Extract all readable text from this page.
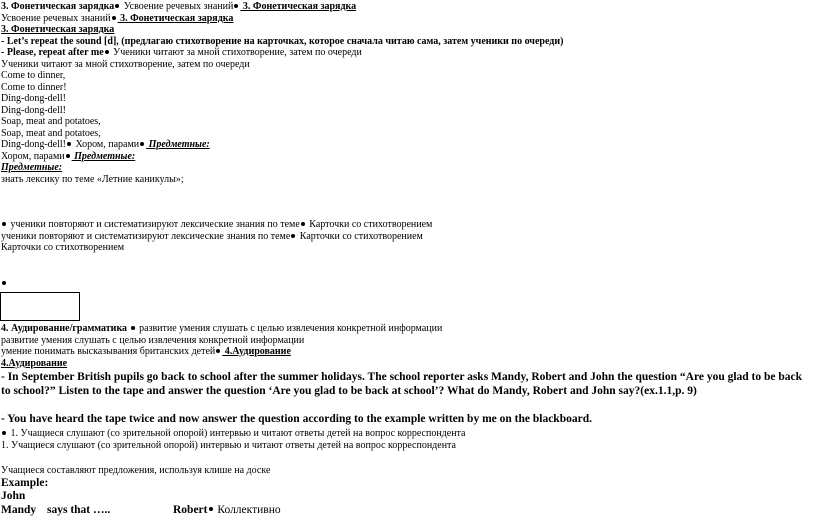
3. Фонетическая зарядка Усвоение речевых знаний 3. Фонетическая зарядка
Усвоение речевых знаний 3. Фонетическая зарядка
3. Фонетическая зарядка
- Let’s repeat the sound [d], (предлагаю стихотворение на карточках, которое сначала читаю сама, затем ученики по очереди)
- Please, repeat after me Ученики читают за мной стихотворение, затем по очереди
Ученики читают за мной стихотворение, затем по очереди
Come to dinner,
Come to dinner!
Ding-dong-dell!
Ding-dong-dell!
Soap, meat and potatoes,
Soap, meat and potatoes,
Ding-dong-dell! Хором, парами Предметные:
Хором, парами Предметные:
Предметные:
знать лексику по теме «Летние каникулы»;
ученики повторяют и систематизируют лексические знания по теме Карточки со стихотворением
ученики повторяют и систематизируют лексические знания по теме Карточки со стихотворением
Карточки со стихотворением
4. Аудирование/грамматика  развитие умения слушать с целью извлечения конкретной информации
развитие умения слушать с целью извлечения конкретной информации
умение понимать высказывания британских детей 4.Аудирование
4.Аудирование
- In September British pupils go back to school after the summer holidays. The school reporter asks Mandy, Robert and John the question “Are you glad to be back to school?” Listen to the tape and answer the question ‘Are you glad to be back at school’? What do Mandy, Robert and John say?(ex.1.1,p. 9)
- You have heard the tape twice and now answer the question according to the example written by me on the blackboard.
1. Учащиеся слушают (со зрительной опорой) интервью и читают ответы детей на вопрос корреспондента
1. Учащиеся слушают (со зрительной опорой) интервью и читают ответы детей на вопрос корреспондента
Учащиеся составляют предложения, используя клише на доске
Example:
John
Mandy says that …..	Robert Коллективно
